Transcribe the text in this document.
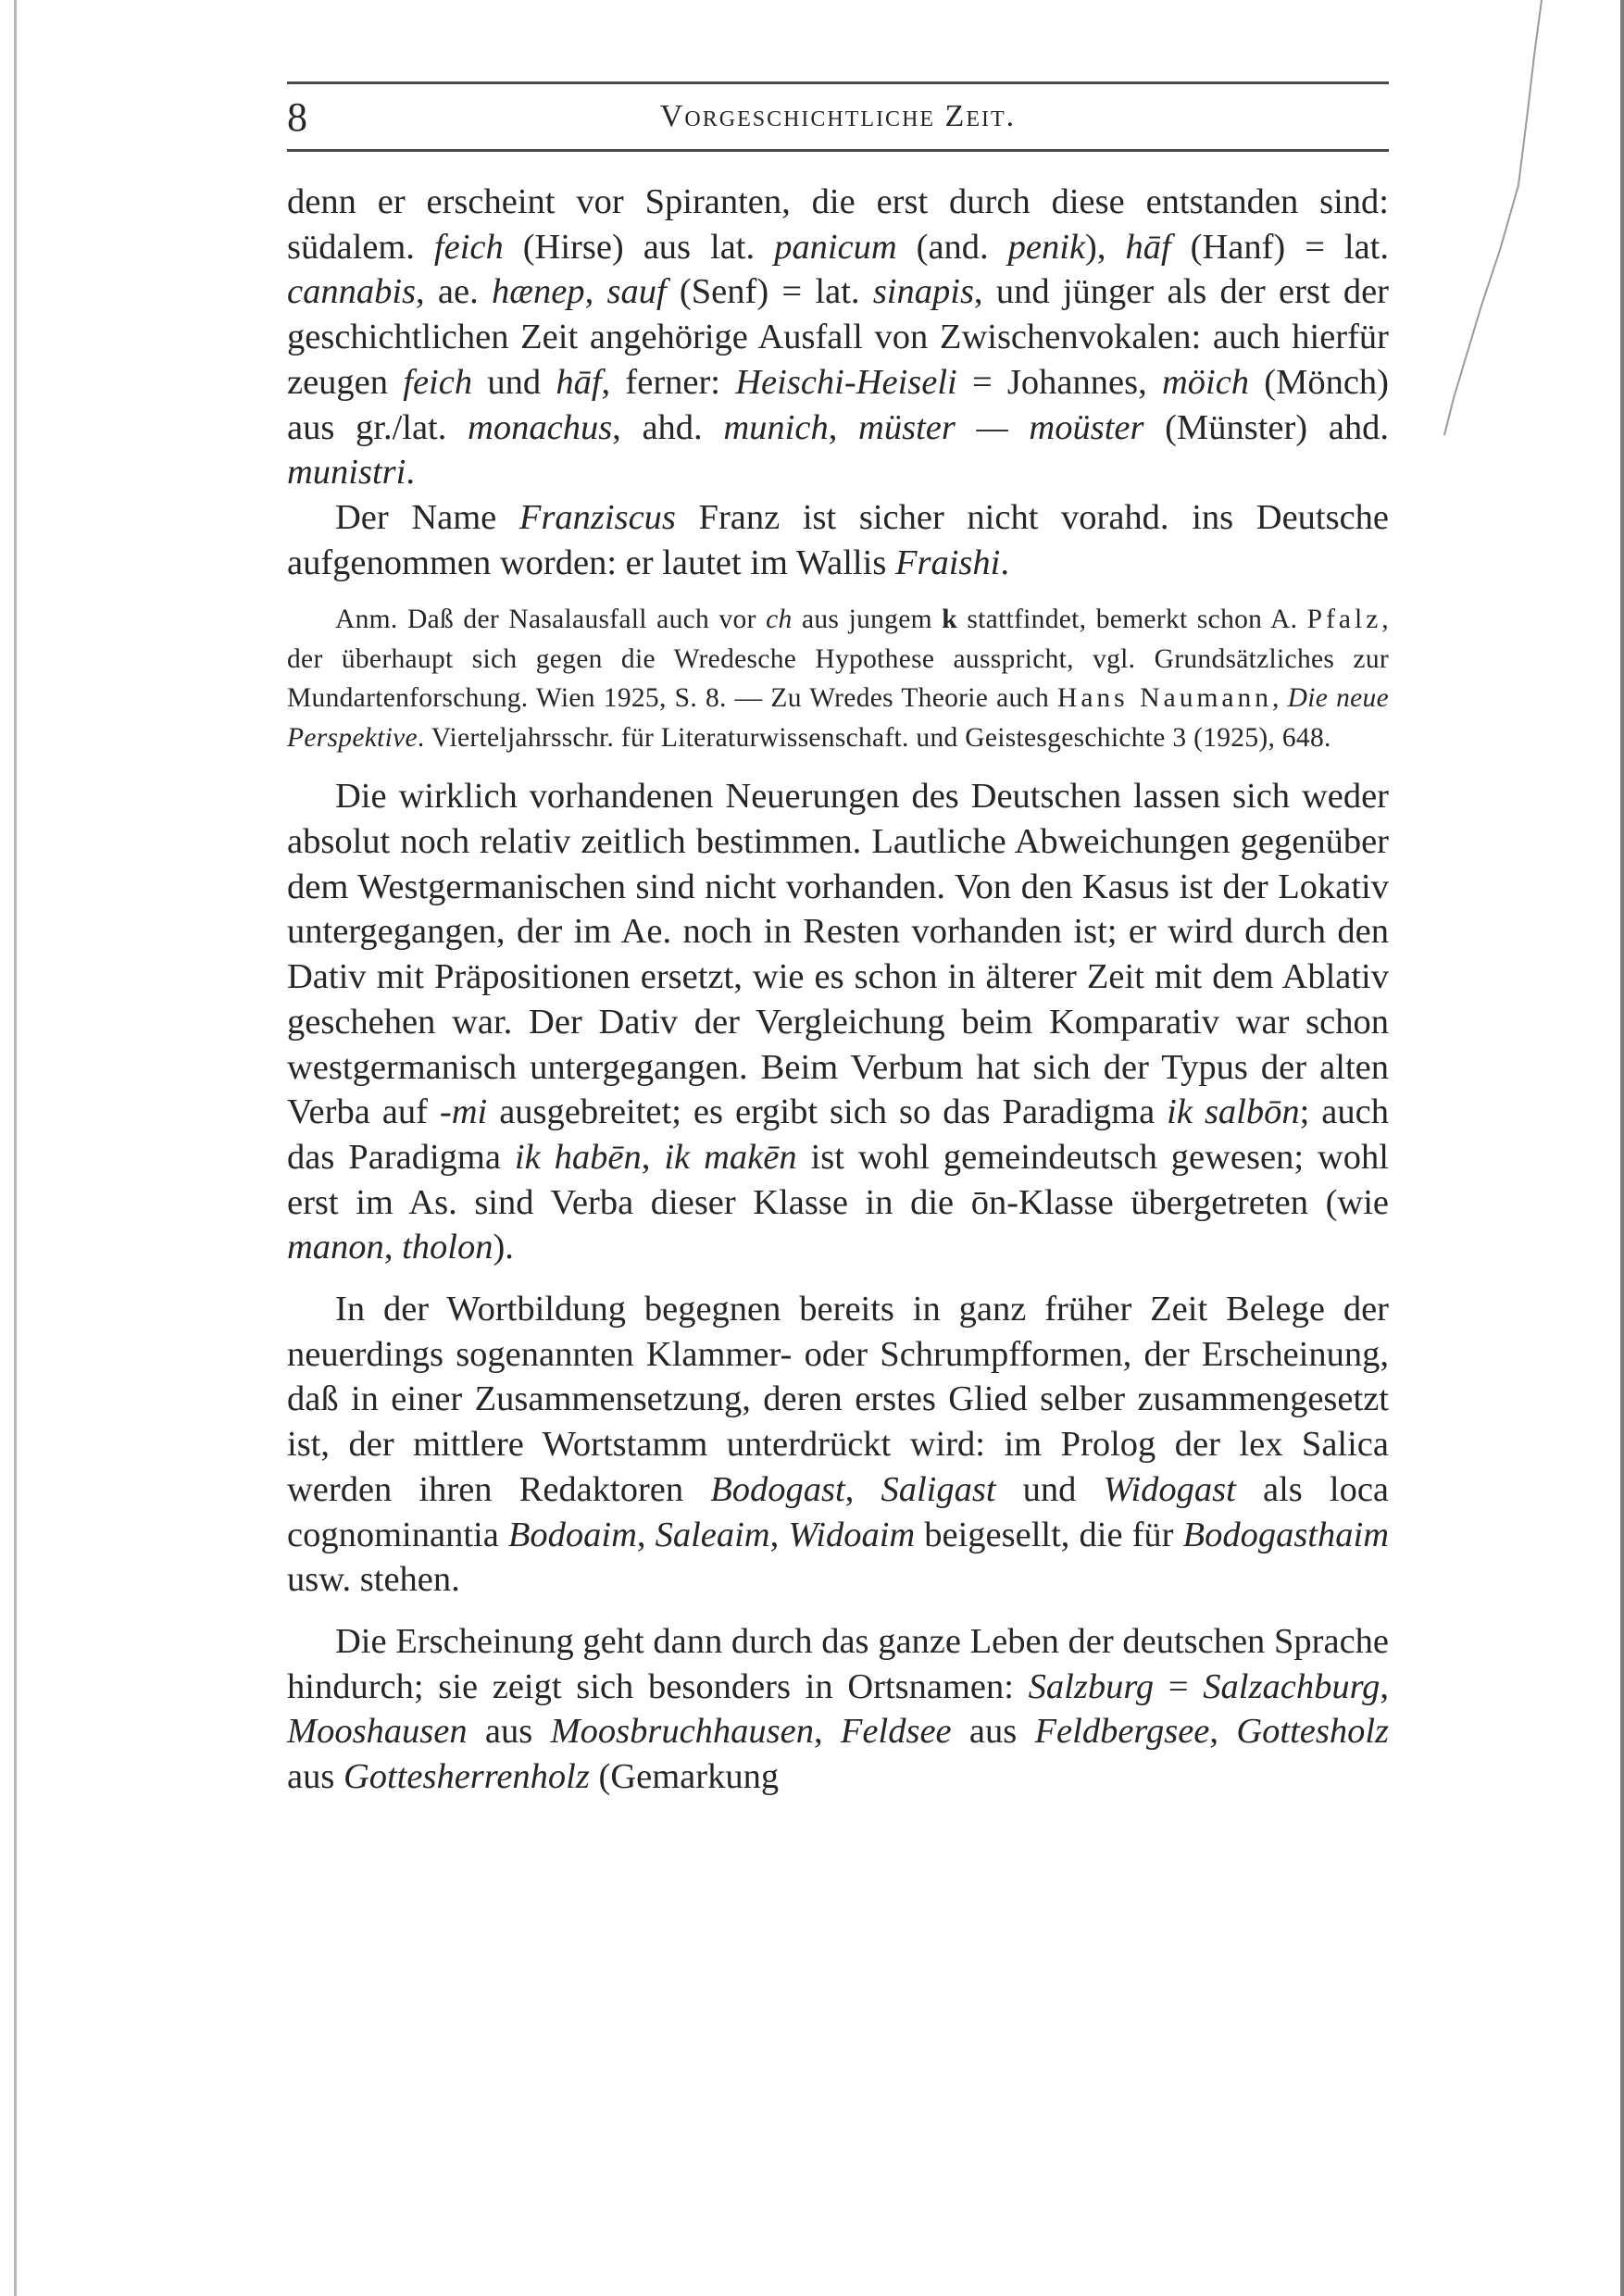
8	Vorgeschichtliche Zeit.

denn er erscheint vor Spiranten, die erst durch diese entstanden sind: südalem. feich (Hirse) aus lat. panicum (and. penik), hāf (Hanf) = lat. cannabis, ae. hænep, sauf (Senf) = lat. sinapis, und jünger als der erst der geschichtlichen Zeit angehörige Ausfall von Zwischenvokalen: auch hierfür zeugen feich und hāf, ferner: Heischi-Heiseli = Johannes, möich (Mönch) aus gr./lat. monachus, ahd. munich, müster — moüster (Münster) ahd. munistri.

Der Name Franziscus Franz ist sicher nicht vorahd. ins Deutsche aufgenommen worden: er lautet im Wallis Fraishi.

Anm. Daß der Nasalausfall auch vor ch aus jungem k stattfindet, bemerkt schon A. Pfalz, der überhaupt sich gegen die Wredesche Hypothese ausspricht, vgl. Grundsätzliches zur Mundartenforschung. Wien 1925, S. 8. — Zu Wredes Theorie auch Hans Naumann, Die neue Perspektive. Vierteljahrsschr. für Literaturwissenschaft. und Geistesgeschichte 3 (1925), 648.

Die wirklich vorhandenen Neuerungen des Deutschen lassen sich weder absolut noch relativ zeitlich bestimmen. Lautliche Abweichungen gegenüber dem Westgermanischen sind nicht vorhanden. Von den Kasus ist der Lokativ untergegangen, der im Ae. noch in Resten vorhanden ist; er wird durch den Dativ mit Präpositionen ersetzt, wie es schon in älterer Zeit mit dem Ablativ geschehen war. Der Dativ der Vergleichung beim Komparativ war schon westgermanisch untergegangen. Beim Verbum hat sich der Typus der alten Verba auf -mi ausgebreitet; es ergibt sich so das Paradigma ik salbōn; auch das Paradigma ik habēn, ik makēn ist wohl gemeindeutsch gewesen; wohl erst im As. sind Verba dieser Klasse in die ōn-Klasse übergetreten (wie manon, tholon).

In der Wortbildung begegnen bereits in ganz früher Zeit Belege der neuerdings sogenannten Klammer- oder Schrumpfformen, der Erscheinung, daß in einer Zusammensetzung, deren erstes Glied selber zusammengesetzt ist, der mittlere Wortstamm unterdrückt wird: im Prolog der lex Salica werden ihren Redaktoren Bodogast, Saligast und Widogast als loca cognominantia Bodoaim, Saleaim, Widoaim beigesellt, die für Bodogasthaim usw. stehen.

Die Erscheinung geht dann durch das ganze Leben der deutschen Sprache hindurch; sie zeigt sich besonders in Ortsnamen: Salzburg = Salzachburg, Mooshausen aus Moosbruchhausen, Feldsee aus Feldbergsee, Gottesholz aus Gottesherrenholz (Gemarkung
